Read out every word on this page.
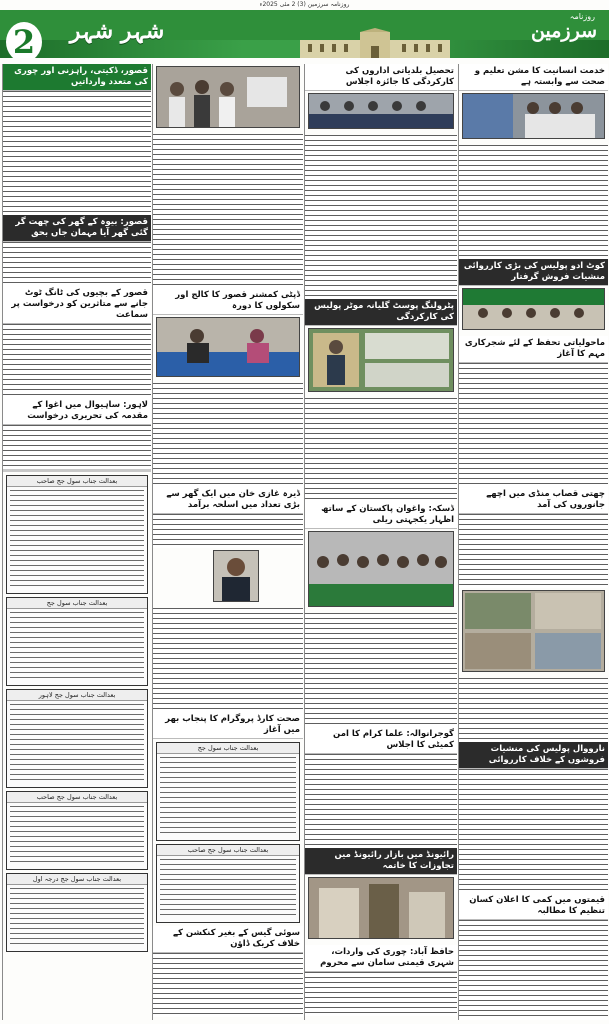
روزنامہ سرزمین (3) 2 مئی 2025ء
2	شہر شہر
روزنامہ
سرزمین
قصور، ڈکیتی، راہزنی اور چوری کی متعدد وارداتیں
قصور: بیوہ کے گھر کی چھت گر گئی گھر آیا مہمان جاں بحق
قصور کے بچیوں کی ٹانگ ٹوٹ جانے سے متاثرین کو درخواست پر سماعت
لاہور: ساہیوال میں اغوا کے مقدمہ کی تحریری درخواست
بعدالت جناب سول جج صاحب
بعدالت جناب سول جج
بعدالت جناب سول جج لاہور
بعدالت جناب سول جج صاحب
بعدالت جناب سول جج درجہ اول
ڈپٹی کمشنر قصور کا کالج اور سکولوں کا دورہ
ڈیرہ غازی خان میں ایک گھر سے بڑی تعداد میں اسلحہ برآمد
صحت کارڈ پروگرام کا پنجاب بھر میں آغاز
بعدالت جناب سول جج
بعدالت جناب سول جج صاحب
سوئی گیس کے بغیر کنکشن کے خلاف کریک ڈاؤن
تحصیل بلدیاتی اداروں کی کارکردگی کا جائزہ اجلاس
پٹرولنگ پوسٹ گلیانہ موٹر پولیس کی کارکردگی
ڈسکہ: واغوان پاکستان کے ساتھ اظہار یکجہتی ریلی
گوجرانوالہ: علما کرام کا امن کمیٹی کا اجلاس
رائیونڈ میں بازار رائیونڈ میں تجاوزات کا خاتمہ
حافظ آباد: چوری کی واردات، شہری قیمتی سامان سے محروم
خدمت انسانیت کا مشن تعلیم و صحت سے وابستہ ہے
کوٹ ادو پولیس کی بڑی کارروائی منشیات فروش گرفتار
ماحولیاتی تحفظ کے لئے شجرکاری مہم کا آغاز
چھتی قصاب منڈی میں اچھے جانوروں کی آمد
نارووال پولیس کی منشیات فروشوں کے خلاف کارروائی
قیمتوں میں کمی کا اعلان کسان تنظیم کا مطالبہ
